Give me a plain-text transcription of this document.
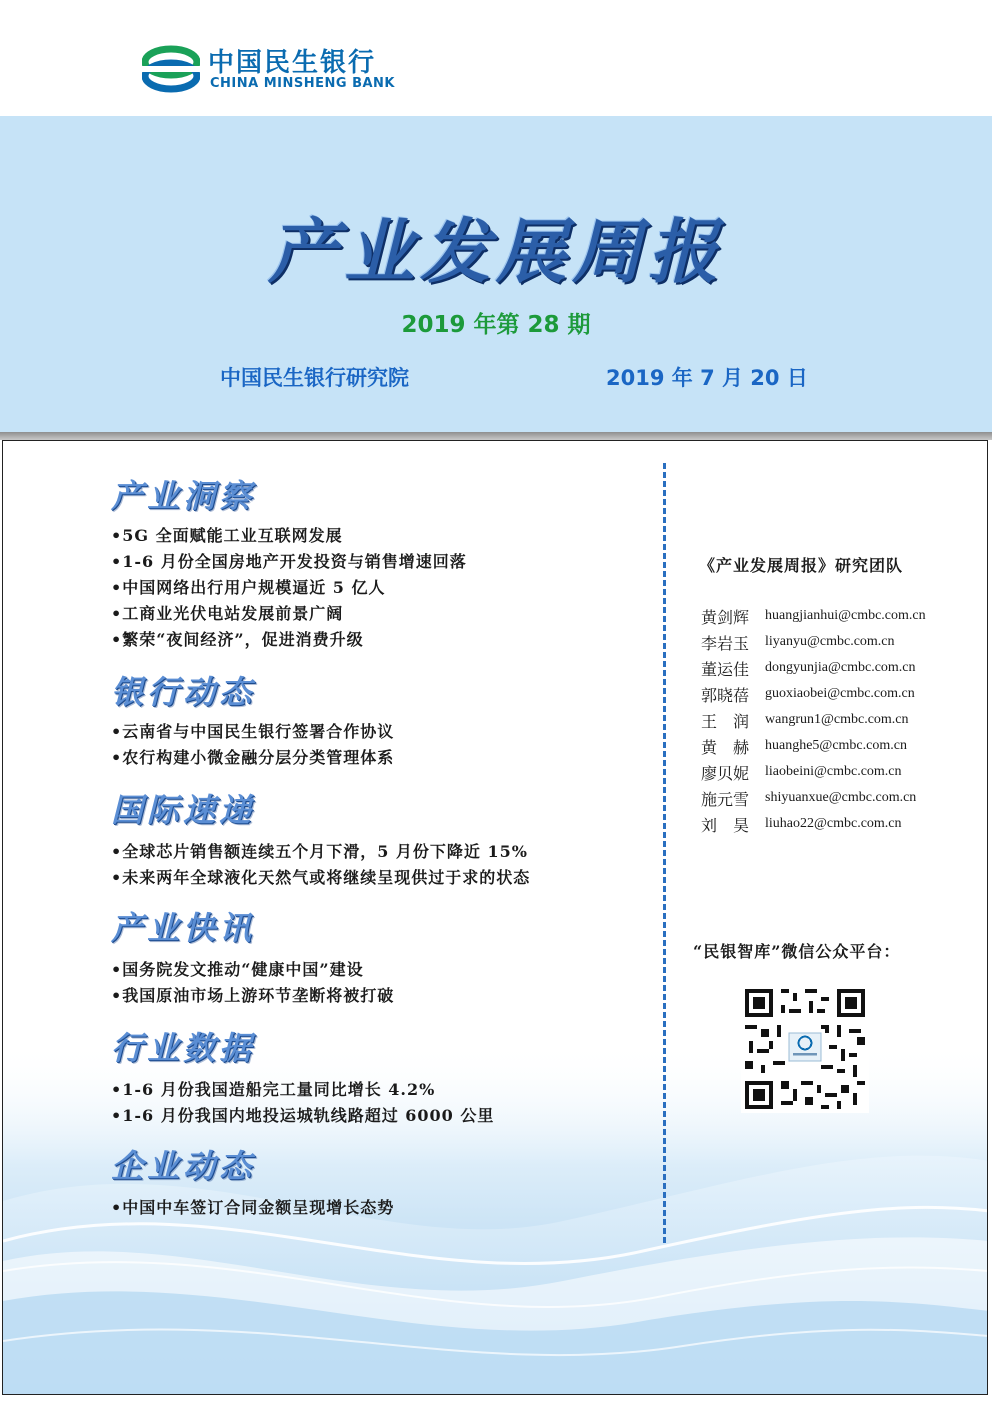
中国民生银行
CHINA MINSHENG BANK
产业发展周报
2019 年第 28 期
中国民生银行研究院	2019 年 7 月 20 日
产业洞察
•5G 全面赋能工业互联网发展
•1-6 月份全国房地产开发投资与销售增速回落
•中国网络出行用户规模逼近 5 亿人
•工商业光伏电站发展前景广阔
•繁荣“夜间经济”，促进消费升级
银行动态
•云南省与中国民生银行签署合作协议
•农行构建小微金融分层分类管理体系
国际速递
•全球芯片销售额连续五个月下滑，5 月份下降近 15%
•未来两年全球液化天然气或将继续呈现供过于求的状态
产业快讯
•国务院发文推动“健康中国”建设
•我国原油市场上游环节垄断将被打破
行业数据
•1-6 月份我国造船完工量同比增长 4.2%
•1-6 月份我国内地投运城轨线路超过 6000 公里
企业动态
•中国中车签订合同金额呈现增长态势
《产业发展周报》研究团队
黄剑辉	huangjianhui@cmbc.com.cn
李岩玉	liyanyu@cmbc.com.cn
董运佳	dongyunjia@cmbc.com.cn
郭晓蓓	guoxiaobei@cmbc.com.cn
王　润	wangrun1@cmbc.com.cn
黄　赫	huanghe5@cmbc.com.cn
廖贝妮	liaobeini@cmbc.com.cn
施元雪	shiyuanxue@cmbc.com.cn
刘　昊	liuhao22@cmbc.com.cn
“民银智库”微信公众平台：
